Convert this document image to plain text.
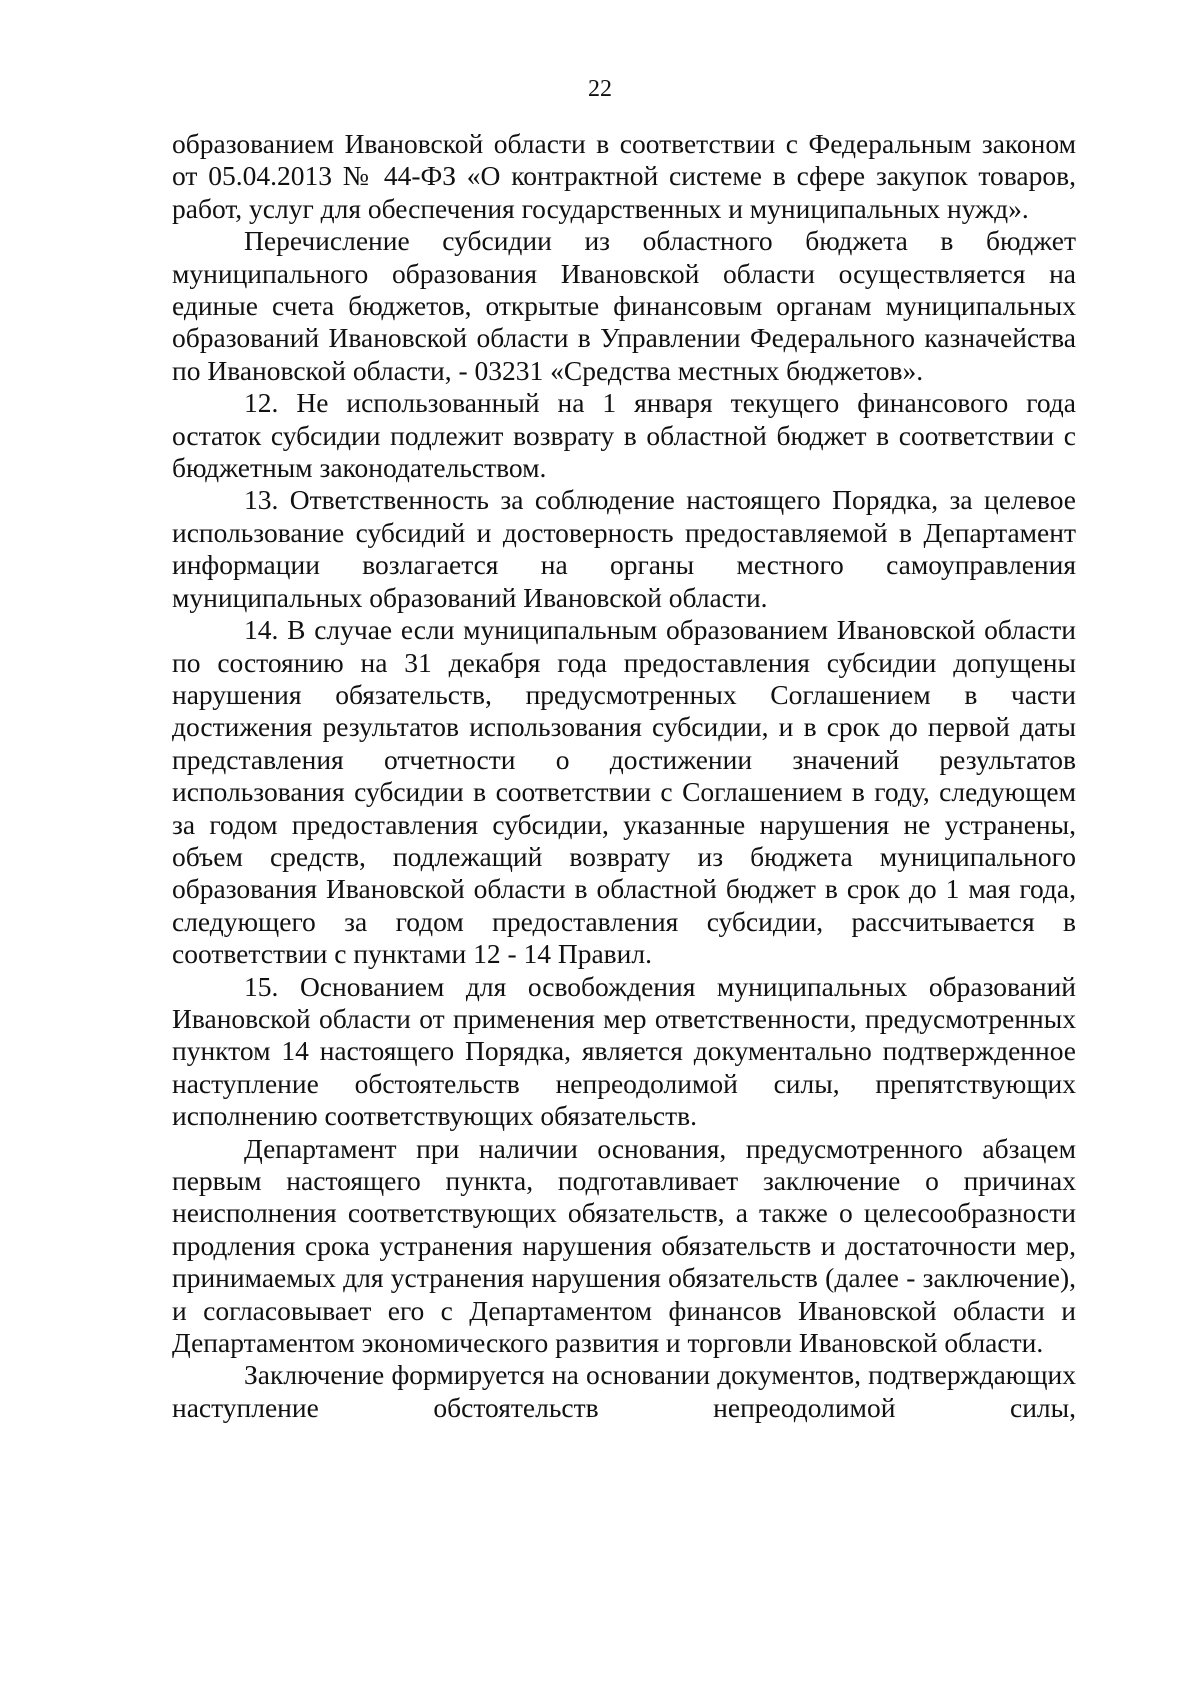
22

образованием Ивановской области в соответствии с Федеральным законом от 05.04.2013 № 44-ФЗ «О контрактной системе в сфере закупок товаров, работ, услуг для обеспечения государственных и муниципальных нужд».

Перечисление субсидии из областного бюджета в бюджет муниципального образования Ивановской области осуществляется на единые счета бюджетов, открытые финансовым органам муниципальных образований Ивановской области в Управлении Федерального казначейства по Ивановской области, - 03231 «Средства местных бюджетов».

12. Не использованный на 1 января текущего финансового года остаток субсидии подлежит возврату в областной бюджет в соответствии с бюджетным законодательством.

13. Ответственность за соблюдение настоящего Порядка, за целевое использование субсидий и достоверность предоставляемой в Департамент информации возлагается на органы местного самоуправления муниципальных образований Ивановской области.

14. В случае если муниципальным образованием Ивановской области по состоянию на 31 декабря года предоставления субсидии допущены нарушения обязательств, предусмотренных Соглашением в части достижения результатов использования субсидии, и в срок до первой даты представления отчетности о достижении значений результатов использования субсидии в соответствии с Соглашением в году, следующем за годом предоставления субсидии, указанные нарушения не устранены, объем средств, подлежащий возврату из бюджета муниципального образования Ивановской области в областной бюджет в срок до 1 мая года, следующего за годом предоставления субсидии, рассчитывается в соответствии с пунктами 12 - 14 Правил.

15. Основанием для освобождения муниципальных образований Ивановской области от применения мер ответственности, предусмотренных пунктом 14 настоящего Порядка, является документально подтвержденное наступление обстоятельств непреодолимой силы, препятствующих исполнению соответствующих обязательств.

Департамент при наличии основания, предусмотренного абзацем первым настоящего пункта, подготавливает заключение о причинах неисполнения соответствующих обязательств, а также о целесообразности продления срока устранения нарушения обязательств и достаточности мер, принимаемых для устранения нарушения обязательств (далее - заключение), и согласовывает его с Департаментом финансов Ивановской области и Департаментом экономического развития и торговли Ивановской области.

Заключение формируется на основании документов, подтверждающих наступление обстоятельств непреодолимой силы,
